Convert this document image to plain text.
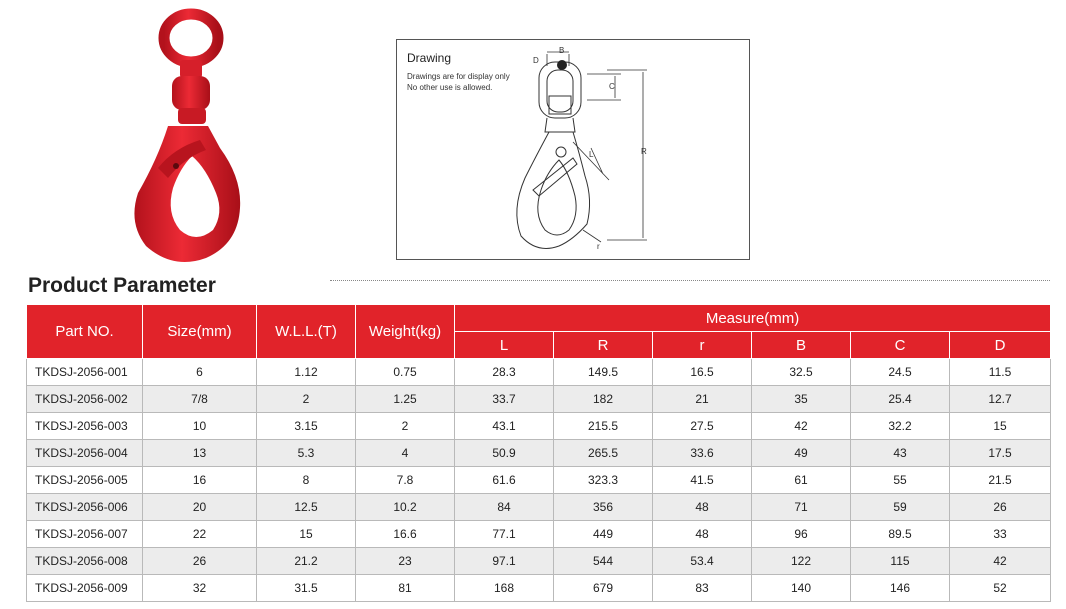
Drawing
Drawings are for display only
No other use is allowed.
B
C
D
L	R
r
Product Parameter
Part NO.	Size(mm)	W.L.L.(T)	Weight(kg)	Measure(mm)					
				L	R	r	B	C	D
TKDSJ-2056-001	6	1.12	0.75	28.3	149.5	16.5	32.5	24.5	11.5
TKDSJ-2056-002	7/8	2	1.25	33.7	182	21	35	25.4	12.7
TKDSJ-2056-003	10	3.15	2	43.1	215.5	27.5	42	32.2	15
TKDSJ-2056-004	13	5.3	4	50.9	265.5	33.6	49	43	17.5
TKDSJ-2056-005	16	8	7.8	61.6	323.3	41.5	61	55	21.5
TKDSJ-2056-006	20	12.5	10.2	84	356	48	71	59	26
TKDSJ-2056-007	22	15	16.6	77.1	449	48	96	89.5	33
TKDSJ-2056-008	26	21.2	23	97.1	544	53.4	122	115	42
TKDSJ-2056-009	32	31.5	81	168	679	83	140	146	52
